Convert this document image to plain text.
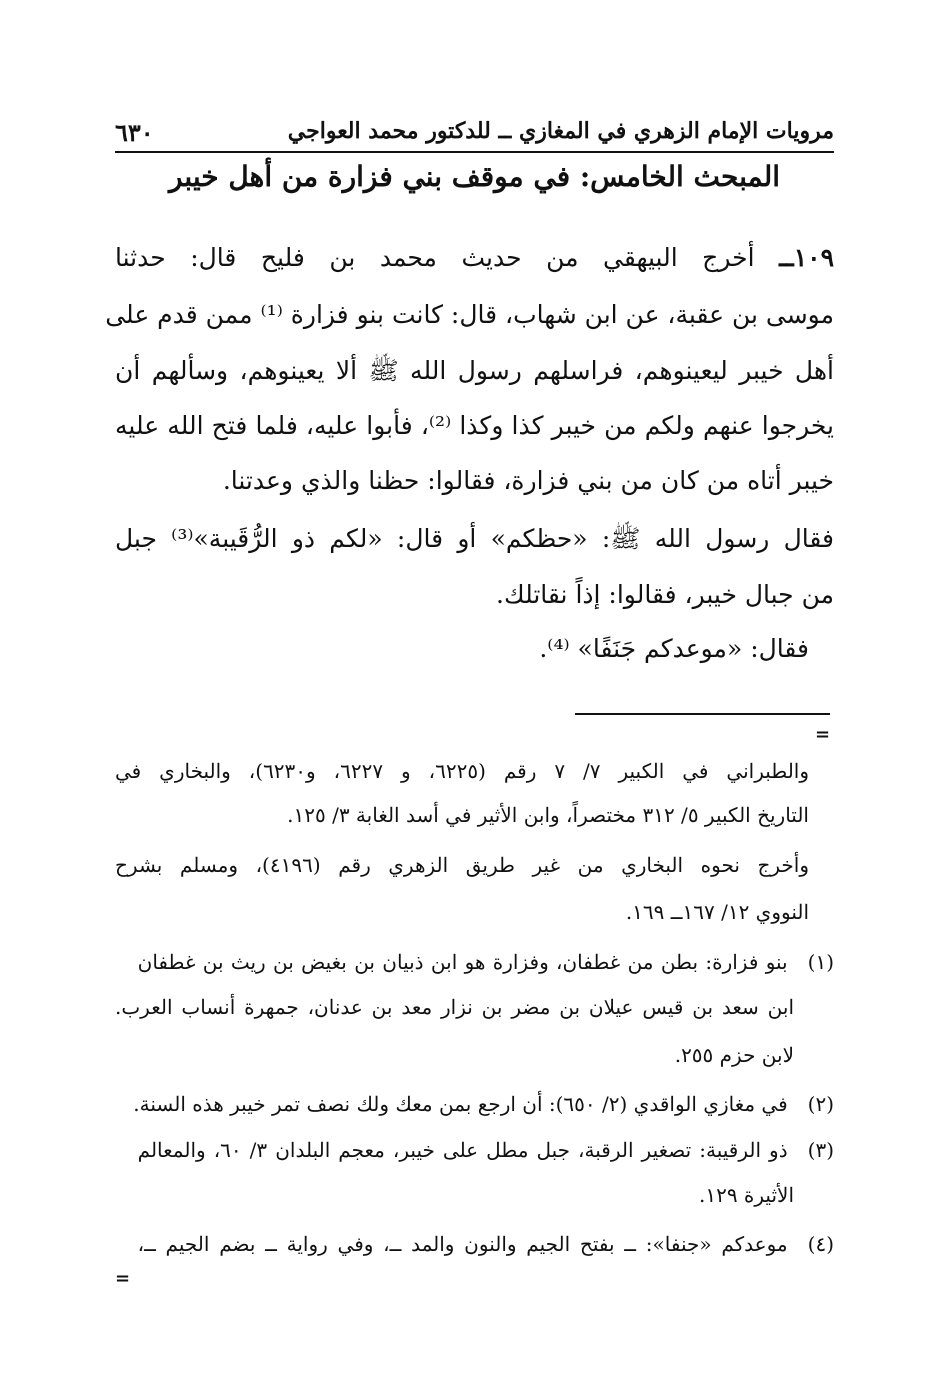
مرويات الإمام الزهري في المغازي ــ للدكتور محمد العواجي
٦٣٠
المبحث الخامس: في موقف بني فزارة من أهل خيبر
١٠٩ــ أخرج البيهقي من حديث محمد بن فليح قال: حدثنا
موسى بن عقبة، عن ابن شهاب، قال: كانت بنو فزارة ⁽¹⁾ ممن قدم على
أهل خيبر ليعينوهم، فراسلهم رسول الله ﷺ ألا يعينوهم، وسألهم أن
يخرجوا عنهم ولكم من خيبر كذا وكذا ⁽²⁾، فأبوا عليه، فلما فتح الله عليه
خيبر أتاه من كان من بني فزارة، فقالوا: حظنا والذي وعدتنا.
فقال رسول الله ﷺ: «حظكم» أو قال: «لكم ذو الرُّقَيبة»⁽³⁾ جبل
من جبال خيبر، فقالوا: إذاً نقاتلك.
فقال: «موعدكم جَنَفًا» ⁽⁴⁾.
=
والطبراني في الكبير ٧/ ٧ رقم (٦٢٢٥، و ٦٢٢٧، و٦٢٣٠)، والبخاري في
التاريخ الكبير ٥/ ٣١٢ مختصراً، وابن الأثير في أسد الغابة ٣/ ١٢٥.
وأخرج نحوه البخاري من غير طريق الزهري رقم (٤١٩٦)، ومسلم بشرح
النووي ١٢/ ١٦٧ــ ١٦٩.
(١) بنو فزارة: بطن من غطفان، وفزارة هو ابن ذبيان بن بغيض بن ريث بن غطفان
ابن سعد بن قيس عيلان بن مضر بن نزار معد بن عدنان، جمهرة أنساب العرب.
لابن حزم ٢٥٥.
(٢) في مغازي الواقدي (٢/ ٦٥٠): أن ارجع بمن معك ولك نصف تمر خيبر هذه السنة.
(٣) ذو الرقيبة: تصغير الرقبة، جبل مطل على خيبر، معجم البلدان ٣/ ٦٠، والمعالم
الأثيرة ١٢٩.
(٤) موعدكم «جنفا»: ــ بفتح الجيم والنون والمد ــ، وفي رواية ــ بضم الجيم ــ،
=
